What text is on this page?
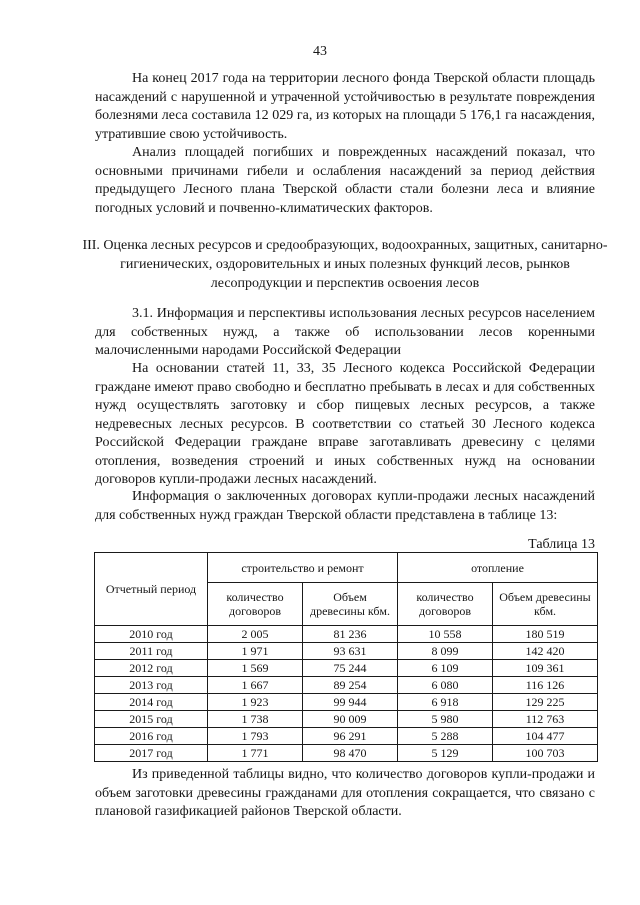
43
На конец 2017 года на территории лесного фонда Тверской области площадь насаждений с нарушенной и утраченной устойчивостью в результате повреждения болезнями леса составила 12 029 га, из которых на площади 5 176,1 га насаждения, утратившие свою устойчивость.
Анализ площадей погибших и поврежденных насаждений показал, что основными причинами гибели и ослабления насаждений за период действия предыдущего Лесного плана Тверской области стали болезни леса и влияние погодных условий и почвенно-климатических факторов.
III. Оценка лесных ресурсов и средообразующих, водоохранных, защитных, санитарно-гигиенических, оздоровительных и иных полезных функций лесов, рынков лесопродукции и перспектив освоения лесов
3.1. Информация и перспективы использования лесных ресурсов населением для собственных нужд, а также об использовании лесов коренными малочисленными народами Российской Федерации
На основании статей 11, 33, 35 Лесного кодекса Российской Федерации граждане имеют право свободно и бесплатно пребывать в лесах и для собственных нужд осуществлять заготовку и сбор пищевых лесных ресурсов, а также недревесных лесных ресурсов. В соответствии со статьей 30 Лесного кодекса Российской Федерации граждане вправе заготавливать древесину с целями отопления, возведения строений и иных собственных нужд на основании договоров купли-продажи лесных насаждений.
Информация о заключенных договорах купли-продажи лесных насаждений для собственных нужд граждан Тверской области представлена в таблице 13:
Таблица 13
Отчетный период	строительство и ремонт		отопление	
	количество договоров	Объем древесины кбм.	количество договоров	Объем древесины кбм.
2010 год	2 005	81 236	10 558	180 519
2011 год	1 971	93 631	8 099	142 420
2012 год	1 569	75 244	6 109	109 361
2013 год	1 667	89 254	6 080	116 126
2014 год	1 923	99 944	6 918	129 225
2015 год	1 738	90 009	5 980	112 763
2016 год	1 793	96 291	5 288	104 477
2017 год	1 771	98 470	5 129	100 703
Из приведенной таблицы видно, что количество договоров купли-продажи и объем заготовки древесины гражданами для отопления сокращается, что связано с плановой газификацией районов Тверской области.
